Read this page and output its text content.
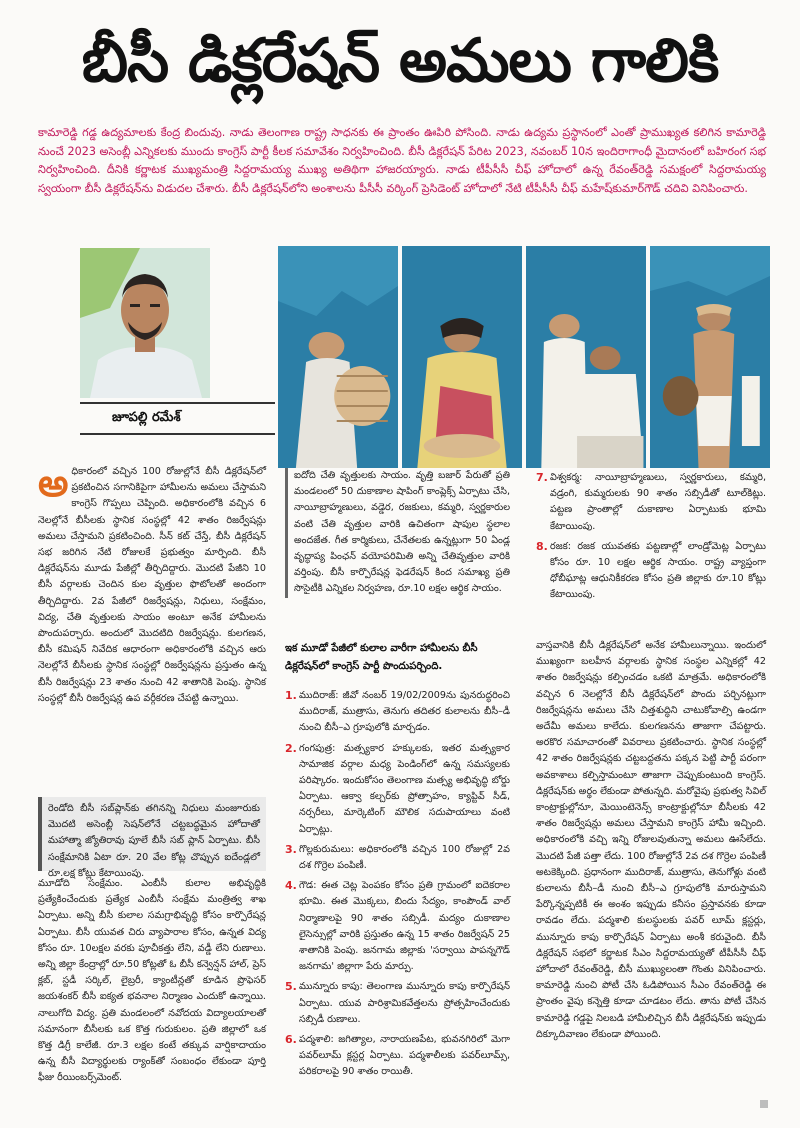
బీసీ డిక్లరేషన్ అమలు గాలికి

కామారెడ్డి గడ్డ ఉద్యమాలకు కేంద్ర బిందువు. నాడు తెలంగాణ రాష్ట్ర సాధనకు ఈ ప్రాంతం ఊపిరి పోసింది. నాడు ఉద్యమ ప్రస్థానంలో ఎంతో ప్రాముఖ్యత కలిగిన కామారెడ్డి నుంచే 2023 అసెంబ్లీ ఎన్నికలకు ముందు కాంగ్రెస్ పార్టీ కీలక సమావేశం నిర్వహించింది. బీసీ డిక్లరేషన్ పేరిట 2023, నవంబర్ 10న ఇందిరాగాంధీ మైదానంలో బహిరంగ సభ నిర్వహించింది. దీనికి కర్ణాటక ముఖ్యమంత్రి సిద్దరామయ్య ముఖ్య అతిథిగా హాజరయ్యారు. నాడు టీపీసీసీ చీఫ్ హోదాలో ఉన్న రేవంత్‌రెడ్డి సమక్షంలో సిద్దరామయ్య స్వయంగా బీసీ డిక్లరేషన్‌ను విడుదల చేశారు. బీసీ డిక్లరేషన్‌లోని అంశాలను పీసీసీ వర్కింగ్ ప్రెసిడెంట్ హోదాలో నేటి టీపీసీసీ చీఫ్ మహేష్‌కుమార్‌గౌడ్ చదివి వినిపించారు.

జూపల్లి రమేశ్
అ ధికారంలో వచ్చిన 100 రోజుల్లోనే బీసీ డిక్లరేషన్‌లో ప్రకటించిన సగానికిపైగా హామీలను అమలు చేస్తామని కాంగ్రెస్ గొప్పలు చెప్పింది. అధికారంలోకి వచ్చిన 6 నెలల్లోనే బీసీలకు స్థానిక సంస్థల్లో 42 శాతం రిజర్వేషన్లు అమలు చేస్తామని ప్రకటించింది. సీన్ కట్ చేస్తే, బీసీ డిక్లరేషన్ సభ జరిగిన నేటి రోజులకే ప్రభుత్వం మార్పింది. బీసీ డిక్లరేషన్‌ను మూడు పేజీల్లో తీర్చిదిద్దారు. మొదటి పేజీని 10 బీసీ వర్గాలకు చెందిన కుల వృత్తుల ఫొటోలతో అందంగా తీర్చిదిద్దారు. 2వ పేజీలో రిజర్వేషన్లు, నిధులు, సంక్షేమం, విద్య, చేతి వృత్తులకు సాయం అంటూ అనేక హామీలను పొందుపర్చారు. అందులో మొదటిది రిజర్వేషన్లు. కులగణన, బీసీ కమిషన్ నివేదిక ఆధారంగా అధికారంలోకి వచ్చిన ఆరు నెలల్లోనే బీసీలకు స్థానిక సంస్థల్లో రిజర్వేషన్లను ప్రస్తుతం ఉన్న బీసీ రిజర్వేషన్లు 23 శాతం నుంచి 42 శాతానికి పెంపు. స్థానిక సంస్థల్లో బీసీ రిజర్వేషన్ల ఉప వర్గీకరణ చేపట్టి ఉన్నాయి.

రెండోది బీసీ సబ్‌ప్లాన్‌కు తగినన్ని నిధులు మంజూరుకు మొదటి అసెంబ్లీ సెషన్‌లోనే చట్టబద్ధమైన హోదాతో మహాత్మా జ్యోతిరావు పూలే బీసీ సబ్ ప్లాన్ ఏర్పాటు. బీసీ సంక్షేమానికి ఏటా రూ. 20 వేల కోట్ల చొప్పున ఐదేండ్లలో రూ.లక్ష కోట్లు కేటాయింపు.

మూడోది సంక్షేమం. ఎంబీసీ కులాల అభివృద్ధికి ప్రత్యేకించేందుకు ప్రత్యేక ఎంబీసీ సంక్షేమ మంత్రిత్వ శాఖ ఏర్పాటు. అన్ని బీసీ కులాల సమగ్రాభివృద్ధి కోసం కార్పొరేషన్ల ఏర్పాటు. బీసీ యువత చిరు వ్యాపారాల కోసం, ఉన్నత విద్య కోసం రూ. 10లక్షల వరకు పూచీకత్తు లేని, వడ్డీ లేని రుణాలు. అన్ని జిల్లా కేంద్రాల్లో రూ.50 కోట్లతో ఓ బీసీ కన్వెన్షన్ హాల్, ప్రెస్ క్లబ్, స్టడీ సర్కిల్, లైబ్రరీ, క్యాంటీన్లతో కూడిన ప్రొఫెసర్ జయశంకర్ బీసీ ఐక్యత భవనాల నిర్మాణం ఎందుకో ఉన్నాయి. నాలుగోది విద్య. ప్రతి మండలంలో నవోదయ విద్యాలయాలతో సమానంగా బీసీలకు ఒక కొత్త గురుకులం. ప్రతి జిల్లాలో ఒక కొత్త డిగ్రీ కాలేజీ. రూ.3 లక్షల కంటే తక్కువ వార్షికాదాయం ఉన్న బీసీ విద్యార్థులకు ర్యాంక్‌తో సంబంధం లేకుండా పూర్తి ఫీజు రీయింబర్స్‌మెంట్.

ఐదోది చేతి వృత్తులకు సాయం. వృత్తి బజార్ పేరుతో ప్రతి మండలంలో 50 దుకాణాల షాపింగ్ కాంప్లెక్స్ ఏర్పాటు చేసి, నాయీబ్రాహ్మణులు, వడ్డెర, రజకులు, కమ్మరి, స్వర్ణకారుల వంటి చేతి వృత్తుల వారికి ఉచితంగా షాపుల స్థలాల అందజేత. గీత కార్మికులు, చేనేతలకు ఉన్నట్లుగా 50 ఏండ్ల వృద్ధాప్య పింఛన్ వయోపరిమితి అన్ని చేతివృత్తుల వారికి వర్తింపు. బీసీ కార్పొరేషన్ల ఫెడరేషన్ కింద సమాఖ్య ప్రతి సొసైటీకి ఎన్నికల నిర్వహణ, రూ.10 లక్షల ఆర్థిక సాయం.

ఇక మూడో పేజీలో కులాల వారీగా హామీలను బీసీ డిక్లరేషన్‌లో కాంగ్రెస్ పార్టీ పొందుపర్చింది.
1. ముదిరాజ్: జీవో నంబర్ 19/02/2009ను పునరుద్ధరించి ముదిరాజ్, ముత్రాసు, తెనుగు తదితర కులాలను బీసీ–డీ నుంచి బీసీ–ఎ గ్రూపులోకి మార్చడం.
2. గంగపుత్ర: మత్స్యకార హక్కులకు, ఇతర మత్స్యకార సామాజిక వర్గాల మధ్య పెండింగ్‌లో ఉన్న సమస్యలకు పరిష్కారం. ఇందుకోసం తెలంగాణ మత్స్య అభివృద్ధి బోర్డు ఏర్పాటు. ఆక్వా కల్చర్‌కు ప్రోత్సాహం, క్యాప్టివ్ సీడ్, నర్సరీలు, మార్కెటింగ్ మౌలిక సదుపాయాలు వంటి ఏర్పాట్లు.
3. గొల్లకురుమలు: అధికారంలోకి వచ్చిన 100 రోజుల్లో 2వ దశ గొర్రెల పంపిణీ.
4. గౌడ: ఈత చెట్ల పెంపకం కోసం ప్రతి గ్రామంలో ఐదెకరాల భూమి. ఈత మొక్కలు, బిందు సేద్యం, కాంపౌండ్ వాల్ నిర్మాణాలపై 90 శాతం సబ్సిడీ. మద్యం దుకాణాల లైసెన్సుల్లో వారికి ప్రస్తుతం ఉన్న 15 శాతం రిజర్వేషన్ 25 శాతానికి పెంపు. జనగామ జిల్లాకు 'సర్వాయి పాపన్నగౌడ్ జనగామ' జిల్లాగా పేరు మార్పు.
5. మున్నూరు కాపు: తెలంగాణ మున్నూరు కాపు కార్పొరేషన్ ఏర్పాటు. యువ పారిశ్రామికవేత్తలను ప్రోత్సహించేందుకు సబ్సిడీ రుణాలు.
6. పద్మశాలి: జగిత్యాల, నారాయణపేట, భువనగిరిలో మెగా పవర్‌లూమ్ క్లస్టర్ల ఏర్పాటు. పద్మశాలీలకు పవర్‌లూమ్స్, పరికరాలపై 90 శాతం రాయితీ.
7. విశ్వకర్మ: నాయీబ్రాహ్మణులు, స్వర్ణకారులు, కమ్మరి, వడ్రంగి, కుమ్మరులకు 90 శాతం సబ్సిడీతో టూల్‌కిట్లు. పట్టణ ప్రాంతాల్లో దుకాణాల ఏర్పాటుకు భూమి కేటాయింపు.
8. రజక: రజక యువతకు పట్టణాల్లో లాండ్రోమెట్ల ఏర్పాటు కోసం రూ. 10 లక్షల ఆర్థిక సాయం. రాష్ట్ర వ్యాప్తంగా ధోబీఘాట్ల ఆధునికీకరణ కోసం ప్రతి జిల్లాకు రూ.10 కోట్లు కేటాయింపు.

వాస్తవానికి బీసీ డిక్లరేషన్‌లో అనేక హామీలున్నాయి. ఇందులో ముఖ్యంగా బలహీన వర్గాలకు స్థానిక సంస్థల ఎన్నికల్లో 42 శాతం రిజర్వేషన్లు కల్పించడం ఒకటి మాత్రమే. అధికారంలోకి వచ్చిన 6 నెలల్లోనే బీసీ డిక్లరేషన్‌లో పొందు పర్చినట్లుగా రిజర్వేషన్లను అమలు చేసి చిత్తశుద్ధిని చాటుకోవాల్సి ఉండగా అదేమీ అమలు కాలేదు. కులగణనను తాజాగా చేపట్టారు. అరకొర సమాచారంతో వివరాలు ప్రకటించారు. స్థానిక సంస్థల్లో 42 శాతం రిజర్వేషన్లకు చట్టబద్దతను పక్కన పెట్టి పార్టీ పరంగా అవకాశాలు కల్పిస్తామంటూ తాజాగా చెప్పుకుంటుంది కాంగ్రెస్. డిక్లరేషన్‌కు అర్థం లేకుండా పోతున్నది. మరోవైపు ప్రభుత్వ సివిల్ కాంట్రాక్టుల్లోనూ, మెయింటెనెన్స్ కాంట్రాక్టుల్లోనూ బీసీలకు 42 శాతం రిజర్వేషన్లు అమలు చేస్తామని కాంగ్రెస్ హామీ ఇచ్చింది. అధికారంలోకి వచ్చి ఇన్ని రోజులవుతున్నా అమలు ఊసేలేదు. మొదటి పేజీ పత్తా లేదు. 100 రోజుల్లోనే 2వ దశ గొర్రెల పంపిణీ అటకెక్కింది. ప్రధానంగా ముదిరాజ్, ముత్రాసు, తెనుగోళ్లు వంటి కులాలను బీసీ–డీ నుంచి బీసీ–ఎ గ్రూపులోకి మారుస్తామని పేర్కొన్నప్పటికీ ఈ అంశం ఇప్పుడు కనీసం ప్రస్తావనకు కూడా రావడం లేదు. పద్మశాలి కులస్థులకు పవర్ లూమ్ క్లస్టర్లు, మున్నూరు కాపు కార్పొరేషన్ ఏర్పాటు అంశీ కరువైంది. బీసీ డిక్లరేషన్ సభలో కర్ణాటక సీఎం సిద్దరామయ్యతో టీపీసీసీ చీఫ్ హోదాలో రేవంత్‌రెడ్డి, బీసీ ముఖ్యులంతా గొంతు వినిపించారు. కామారెడ్డి నుంచి పోటీ చేసి ఓడిపోయిన సీఎం రేవంత్‌రెడ్డి ఈ ప్రాంతం వైపు కన్నెత్తి కూడా చూడటం లేదు. తాను పోటీ చేసిన కామారెడ్డి గడ్డపై నిలబడి హామీలిచ్చిన బీసీ డిక్లరేషన్‌కు ఇప్పుడు దిక్కూదివాణం లేకుండా పోయింది.
